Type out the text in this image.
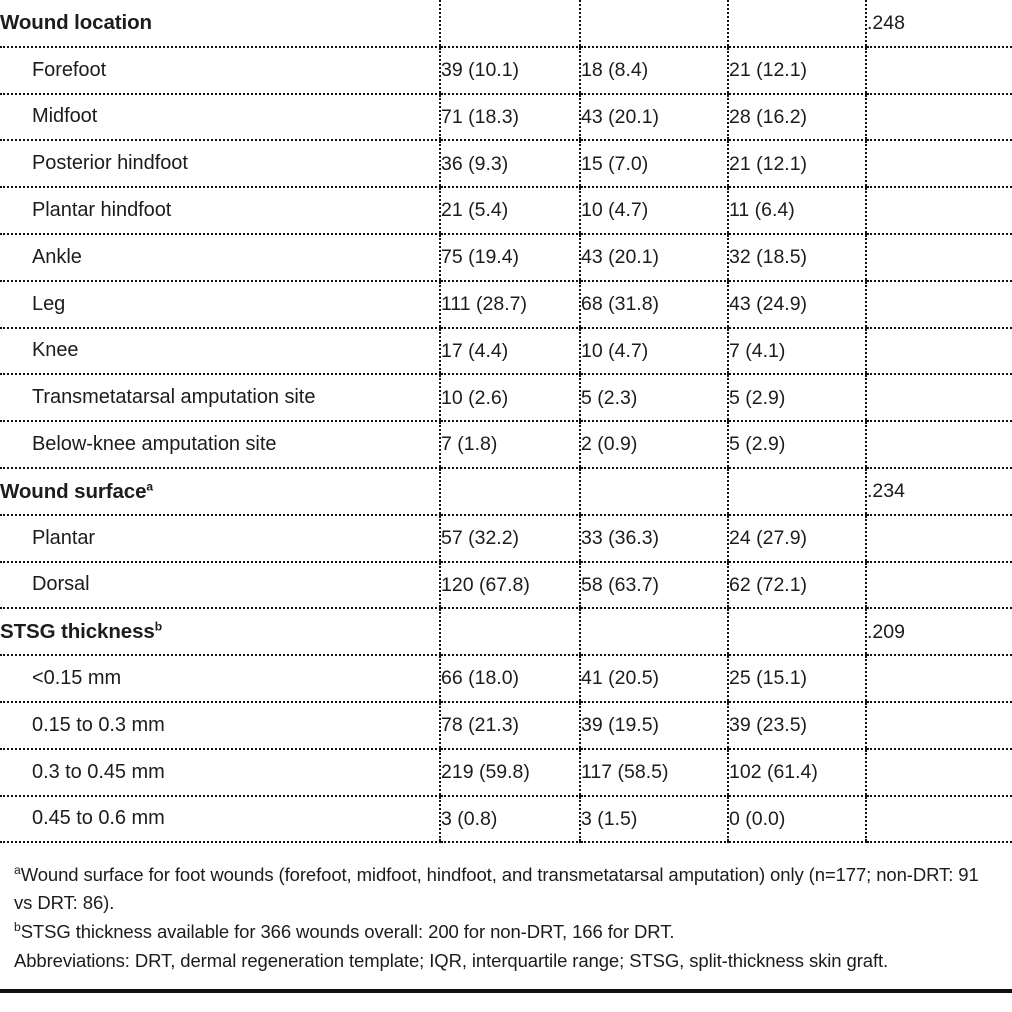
Wound location				.248
Forefoot	39 (10.1)	18 (8.4)	21 (12.1)	
Midfoot	71 (18.3)	43 (20.1)	28 (16.2)	
Posterior hindfoot	36 (9.3)	15 (7.0)	21 (12.1)	
Plantar hindfoot	21 (5.4)	10 (4.7)	11 (6.4)	
Ankle	75 (19.4)	43 (20.1)	32 (18.5)	
Leg	111 (28.7)	68 (31.8)	43 (24.9)	
Knee	17 (4.4)	10 (4.7)	7 (4.1)	
Transmetatarsal amputation site	10 (2.6)	5 (2.3)	5 (2.9)	
Below-knee amputation site	7 (1.8)	2 (0.9)	5 (2.9)	
Wound surface$^a$				.234
Plantar	57 (32.2)	33 (36.3)	24 (27.9)	
Dorsal	120 (67.8)	58 (63.7)	62 (72.1)	
STSG thickness$^b$				.209
<0.15 mm	66 (18.0)	41 (20.5)	25 (15.1)	
0.15 to 0.3 mm	78 (21.3)	39 (19.5)	39 (23.5)	
0.3 to 0.45 mm	219 (59.8)	117 (58.5)	102 (61.4)	
0.45 to 0.6 mm	3 (0.8)	3 (1.5)	0 (0.0)	

$^a$Wound surface for foot wounds (forefoot, midfoot, hindfoot, and transmetatarsal amputation) only (n=177; non-DRT: 91 vs DRT: 86).

$^b$STSG thickness available for 366 wounds overall: 200 for non-DRT, 166 for DRT.

Abbreviations: DRT, dermal regeneration template; IQR, interquartile range; STSG, split-thickness skin graft.
